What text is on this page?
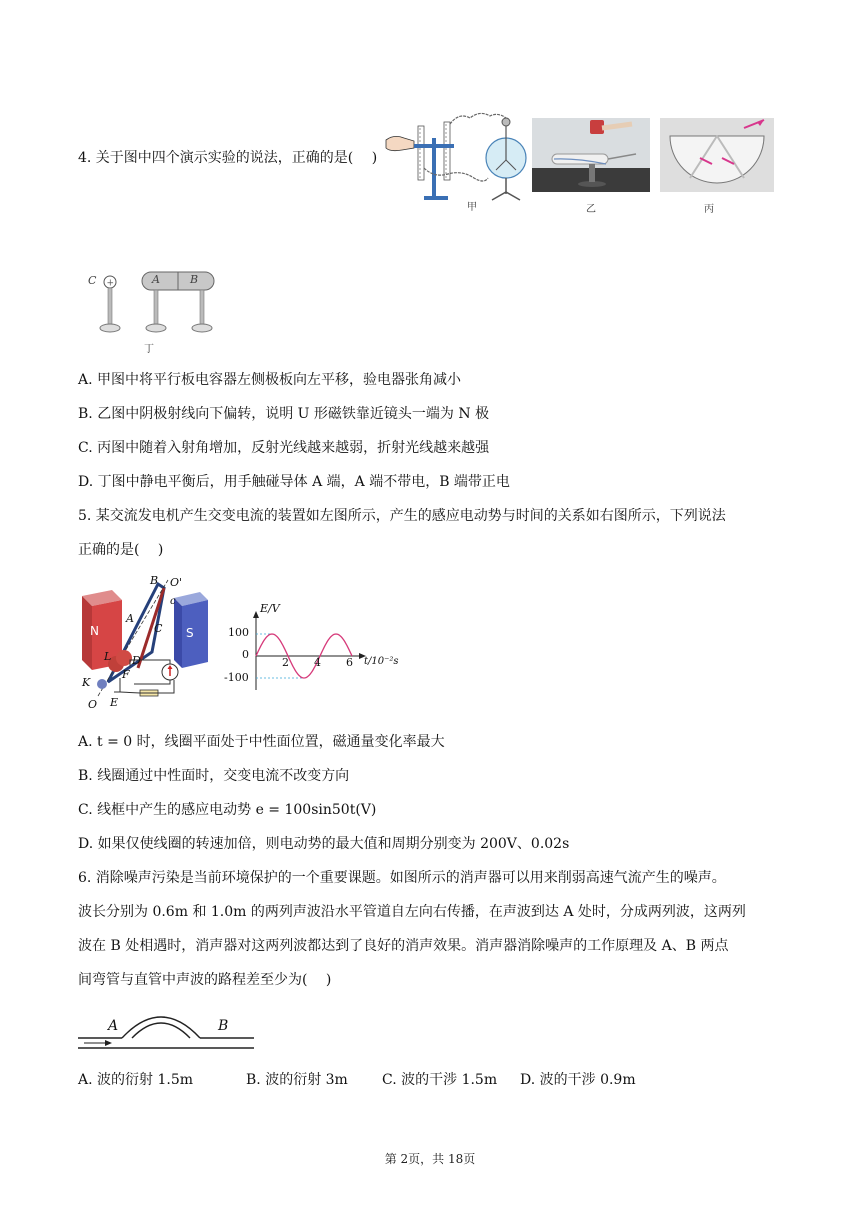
4. 关于图中四个演示实验的说法，正确的是(　 )
甲	乙	丙
+
C	A	B
丁
A. 甲图中将平行板电容器左侧极板向左平移，验电器张角减小
B. 乙图中阴极射线向下偏转，说明 U 形磁铁靠近镜头一端为 N 极
C. 丙图中随着入射角增加，反射光线越来越弱，折射光线越来越强
D. 丁图中静电平衡后，用手触碰导体 A 端，A 端不带电，B 端带正电
5. 某交流发电机产生交变电流的装置如左图所示，产生的感应电动势与时间的关系如右图所示，下列说法
正确的是(　 )
N	S
B O'
c
A
C
L D
F
K
O E
E/V
100
0
-100
2 4 6 t/10⁻²s
A. t = 0 时，线圈平面处于中性面位置，磁通量变化率最大
B. 线圈通过中性面时，交变电流不改变方向
C. 线框中产生的感应电动势 e = 100sin50t(V)
D. 如果仅使线圈的转速加倍，则电动势的最大值和周期分别变为 200V、0.02s
6. 消除噪声污染是当前环境保护的一个重要课题。如图所示的消声器可以用来削弱高速气流产生的噪声。
波长分别为 0.6m 和 1.0m 的两列声波沿水平管道自左向右传播，在声波到达 A 处时，分成两列波，这两列
波在 B 处相遇时，消声器对这两列波都达到了良好的消声效果。消声器消除噪声的工作原理及 A、B 两点
间弯管与直管中声波的路程差至少为(　 )
A	B
A. 波的衍射 1.5m	B. 波的衍射 3m C. 波的干涉 1.5m D. 波的干涉 0.9m
第 2页，共 18页
